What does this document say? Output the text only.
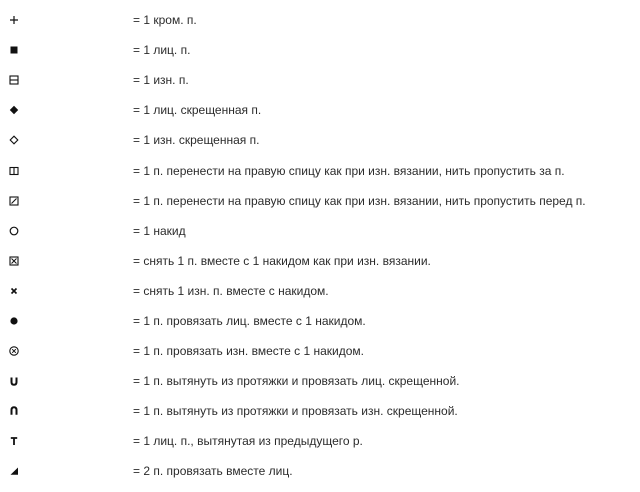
= 1 кром. п.
= 1 лиц. п.
= 1 изн. п.
= 1 лиц. скрещенная п.
= 1 изн. скрещенная п.
= 1 п. перенести на правую спицу как при изн. вязании, нить пропустить за п.
= 1 п. перенести на правую спицу как при изн. вязании, нить пропустить перед п.
= 1 накид
= снять 1 п. вместе с 1 накидом как при изн. вязании.
= снять 1 изн. п. вместе с накидом.
= 1 п. провязать лиц. вместе с 1 накидом.
= 1 п. провязать изн. вместе с 1 накидом.
= 1 п. вытянуть из протяжки и провязать лиц. скрещенной.
= 1 п. вытянуть из протяжки и провязать изн. скрещенной.
= 1 лиц. п., вытянутая из предыдущего р.
= 2 п. провязать вместе лиц.
